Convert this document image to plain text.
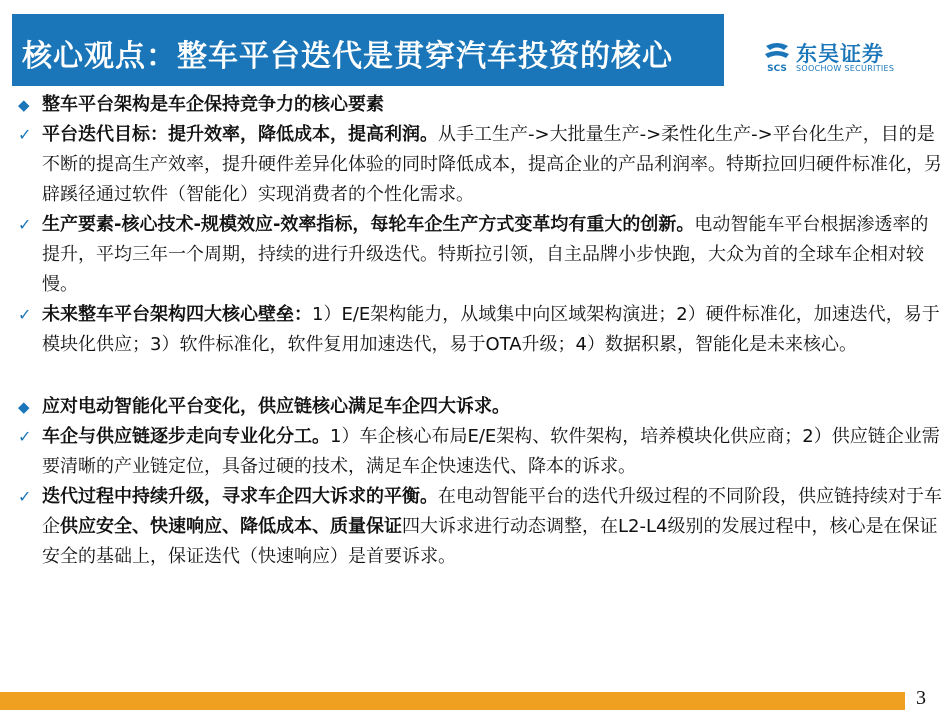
核心观点：整车平台迭代是贯穿汽车投资的核心	SCS
东吴证券
SOOCHOW SECURITIES
◆ 整车平台架构是车企保持竞争力的核心要素
✓ 平台迭代目标：提升效率，降低成本，提高利润。从手工生产->大批量生产->柔性化生产->平台化生产，目的是不断的提高生产效率，提升硬件差异化体验的同时降低成本，提高企业的产品利润率。特斯拉回归硬件标准化，另辟蹊径通过软件（智能化）实现消费者的个性化需求。
✓ 生产要素-核心技术-规模效应-效率指标，每轮车企生产方式变革均有重大的创新。电动智能车平台根据渗透率的提升，平均三年一个周期，持续的进行升级迭代。特斯拉引领，自主品牌小步快跑，大众为首的全球车企相对较慢。
✓ 未来整车平台架构四大核心壁垒：1）E/E架构能力，从域集中向区域架构演进；2）硬件标准化，加速迭代，易于模块化供应；3）软件标准化，软件复用加速迭代，易于OTA升级；4）数据积累，智能化是未来核心。
◆ 应对电动智能化平台变化，供应链核心满足车企四大诉求。
✓ 车企与供应链逐步走向专业化分工。1）车企核心布局E/E架构、软件架构，培养模块化供应商；2）供应链企业需要清晰的产业链定位，具备过硬的技术，满足车企快速迭代、降本的诉求。
✓ 迭代过程中持续升级，寻求车企四大诉求的平衡。在电动智能平台的迭代升级过程的不同阶段，供应链持续对于车企供应安全、快速响应、降低成本、质量保证四大诉求进行动态调整，在L2-L4级别的发展过程中，核心是在保证安全的基础上，保证迭代（快速响应）是首要诉求。
3
